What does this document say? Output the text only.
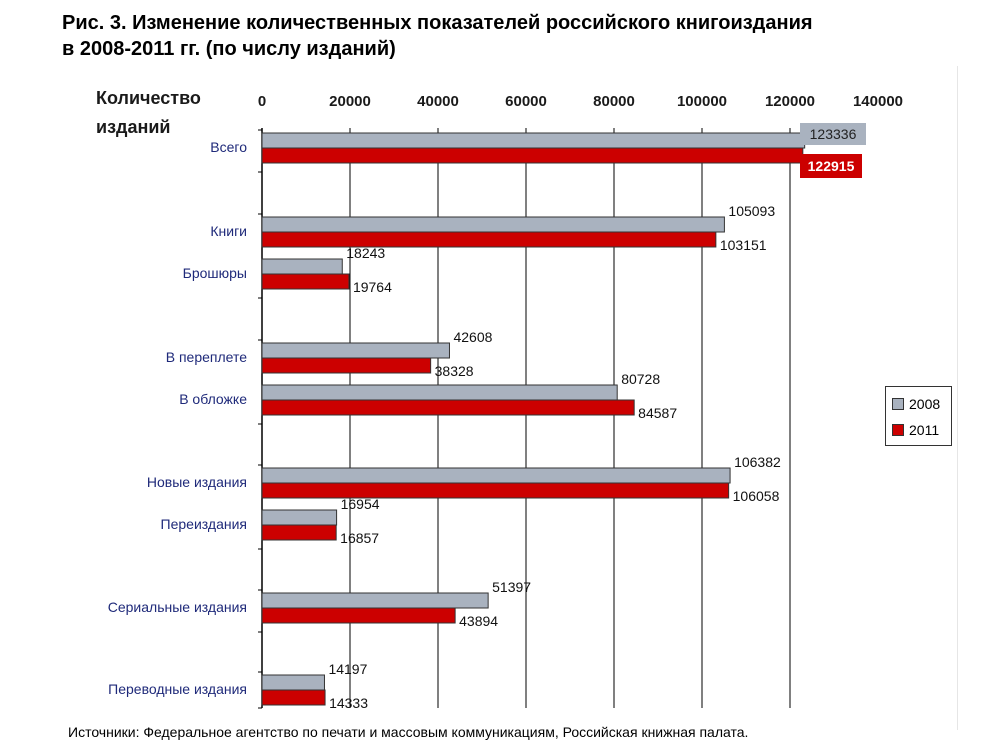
Рис. 3. Изменение количественных показателей российского книгоиздания
в 2008-2011 гг. (по числу изданий)
Количество
изданий
0	20000	40000	60000	80000	100000	120000	140000
Всего
123336
122915
Книги
105093
103151
Брошюры
18243
19764
В переплете
42608
38328
В обложке
80728
84587
Новые издания
106382
106058
Переиздания
16954
16857
Сериальные издания
51397
43894
Переводные издания
14197
14333
2008
2011
Источники: Федеральное агентство по печати и массовым коммуникациям, Российская книжная палата.
